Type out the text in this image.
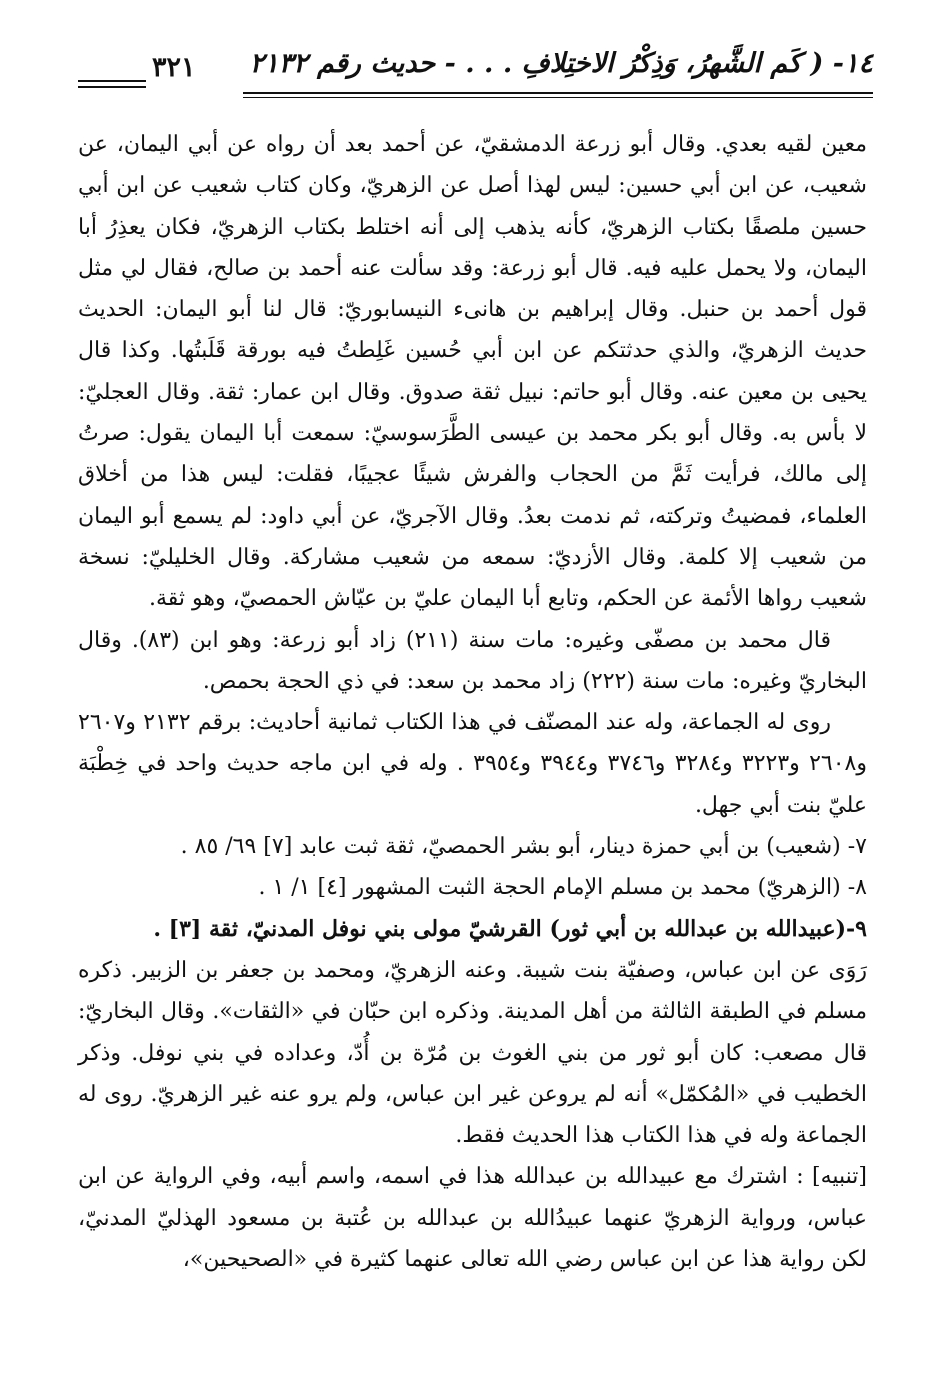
١٤- ( كَم الشَّهرُ، وَذِكْرُ الاختِلافِ . . . - حديث رقم ٢١٣٢
٣٢١

معين لقيه بعدي. وقال أبو زرعة الدمشقيّ، عن أحمد بعد أن رواه عن أبي اليمان، عن شعيب، عن ابن أبي حسين: ليس لهذا أصل عن الزهريّ، وكان كتاب شعيب عن ابن أبي حسين ملصقًا بكتاب الزهريّ، كأنه يذهب إلى أنه اختلط بكتاب الزهريّ، فكان يعذِرُ أبا اليمان، ولا يحمل عليه فيه. قال أبو زرعة: وقد سألت عنه أحمد بن صالح، فقال لي مثل قول أحمد بن حنبل. وقال إبراهيم بن هانىء النيسابوريّ: قال لنا أبو اليمان: الحديث حديث الزهريّ، والذي حدثتكم عن ابن أبي حُسين غَلِطتُ فيه بورقة قَلَبتُها. وكذا قال يحيى بن معين عنه. وقال أبو حاتم: نبيل ثقة صدوق. وقال ابن عمار: ثقة. وقال العجليّ: لا بأس به. وقال أبو بكر محمد بن عيسى الطَّرَسوسيّ: سمعت أبا اليمان يقول: صرتُ إلى مالك، فرأيت ثَمَّ من الحجاب والفرش شيئًا عجيبًا، فقلت: ليس هذا من أخلاق العلماء، فمضيتُ وتركته، ثم ندمت بعدُ. وقال الآجريّ، عن أبي داود: لم يسمع أبو اليمان من شعيب إلا كلمة. وقال الأزديّ: سمعه من شعيب مشاركة. وقال الخليليّ: نسخة شعيب رواها الأئمة عن الحكم، وتابع أبا اليمان عليّ بن عيّاش الحمصيّ، وهو ثقة.

قال محمد بن مصفّى وغيره: مات سنة (٢١١) زاد أبو زرعة: وهو ابن (٨٣). وقال البخاريّ وغيره: مات سنة (٢٢٢) زاد محمد بن سعد: في ذي الحجة بحمص.

روى له الجماعة، وله عند المصنّف في هذا الكتاب ثمانية أحاديث: برقم ٢١٣٢ و٢٦٠٧ و٢٦٠٨ و٣٢٢٣ و٣٢٨٤ و٣٧٤٦ و٣٩٤٤ و٣٩٥٤ . وله في ابن ماجه حديث واحد في خِطْبَة عليّ بنت أبي جهل.

٧- (شعيب) بن أبي حمزة دينار، أبو بشر الحمصيّ، ثقة ثبت عابد [٧] ٦٩/ ٨٥ .

٨- (الزهريّ) محمد بن مسلم الإمام الحجة الثبت المشهور [٤] ١/ ١ .

٩-(عبيدالله بن عبدالله بن أبي ثور) القرشيّ مولى بني نوفل المدنيّ، ثقة [٣] .

رَوَى عن ابن عباس، وصفيّة بنت شيبة. وعنه الزهريّ، ومحمد بن جعفر بن الزبير. ذكره مسلم في الطبقة الثالثة من أهل المدينة. وذكره ابن حبّان في «الثقات». وقال البخاريّ: قال مصعب: كان أبو ثور من بني الغوث بن مُرّة بن أُدّ، وعداده في بني نوفل. وذكر الخطيب في «المُكمّل» أنه لم يروعن غير ابن عباس، ولم يرو عنه غير الزهريّ. روى له الجماعة وله في هذا الكتاب هذا الحديث فقط.

[تنبيه] : اشترك مع عبيدالله بن عبدالله هذا في اسمه، واسم أبيه، وفي الرواية عن ابن عباس، ورواية الزهريّ عنهما عبيدُالله بن عبدالله بن عُتبة بن مسعود الهذليّ المدنيّ، لكن رواية هذا عن ابن عباس رضي الله تعالى عنهما كثيرة في «الصحيحين»،
